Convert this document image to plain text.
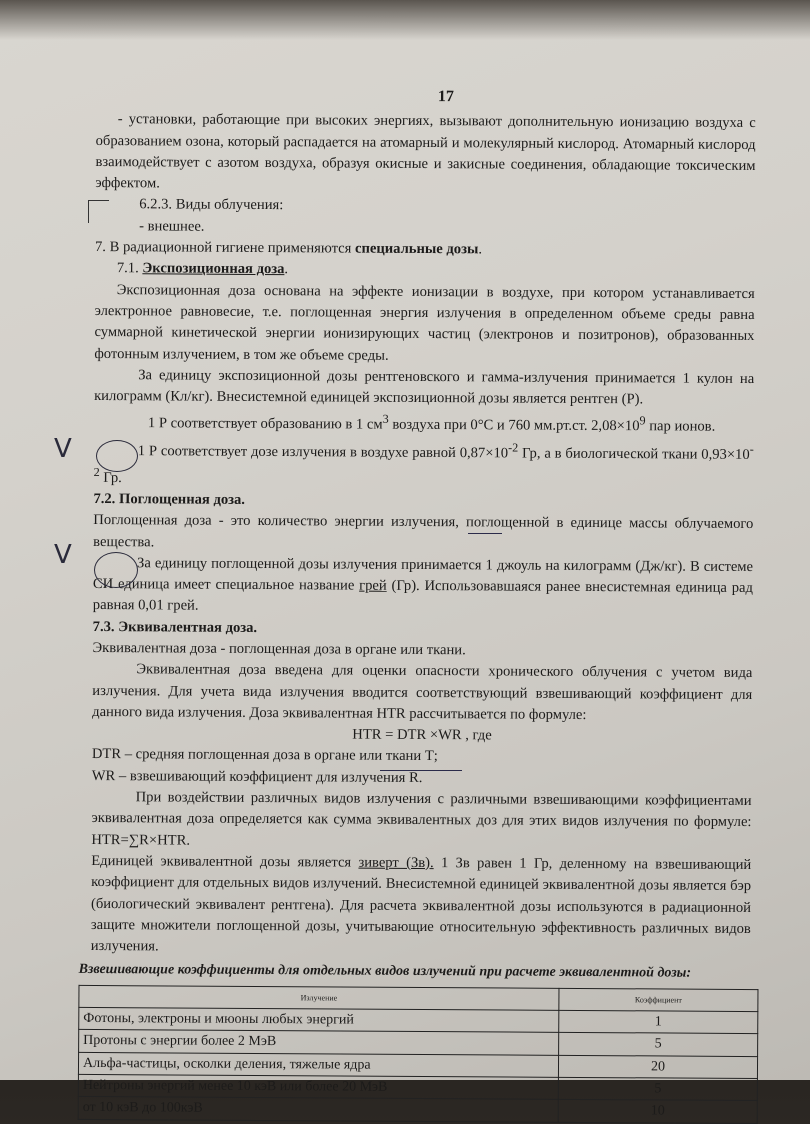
17

- установки, работающие при высоких энергиях, вызывают дополнительную ионизацию воздуха с образованием озона, который распадается на атомарный и молекулярный кислород. Атомарный кислород взаимодействует с азотом воздуха, образуя окисные и закисные соединения, обладающие токсическим эффектом.

6.2.3. Виды облучения:

- внешнее.

7. В радиационной гигиене применяются специальные дозы.

7.1. Экспозиционная доза.

Экспозиционная доза основана на эффекте ионизации в воздухе, при котором устанавливается электронное равновесие, т.е. поглощенная энергия излучения в определенном объеме среды равна суммарной кинетической энергии ионизирующих частиц (электронов и позитронов), образованных фотонным излучением, в том же объеме среды.

За единицу экспозиционной дозы рентгеновского и гамма-излучения принимается 1 кулон на килограмм (Кл/кг). Внесистемной единицей экспозиционной дозы является рентген (Р).

1 Р соответствует образованию в 1 $см^3$ воздуха при 0°С и 760 мм.рт.ст. $2,08\times 10^9$ пар ионов.

1 Р соответствует дозе излучения в воздухе равной $0,87\times 10^{-2}$ Гр, а в биологической ткани $0,93\times 10^{-2}$ Гр.

7.2. Поглощенная доза.

Поглощенная доза - это количество энергии излучения, поглощенной в единице массы облучаемого вещества.

За единицу поглощенной дозы излучения принимается 1 джоуль на килограмм (Дж/кг). В системе СИ единица имеет специальное название грей (Гр). Использовавшаяся ранее внесистемная единица рад равная 0,01 грей.

7.3. Эквивалентная доза.

Эквивалентная доза - поглощенная доза в органе или ткани.

Эквивалентная доза введена для оценки опасности хронического облучения с учетом вида излучения. Для учета вида излучения вводится соответствующий взвешивающий коэффициент для данного вида излучения. Доза эквивалентная HTR рассчитывается по формуле:

HTR = DTR ×WR , где

DTR – средняя поглощенная доза в органе или ткани Т;

WR – взвешивающий коэффициент для излучения R.

При воздействии различных видов излучения с различными взвешивающими коэффициентами эквивалентная доза определяется как сумма эквивалентных доз для этих видов излучения по формуле: HTR=∑R×HTR.

Единицей эквивалентной дозы является зиверт (Зв). 1 Зв равен 1 Гр, деленному на взвешивающий коэффициент для отдельных видов излучений. Внесистемной единицей эквивалентной дозы является бэр (биологический эквивалент рентгена). Для расчета эквивалентной дозы используются в радиационной защите множители поглощенной дозы, учитывающие относительную эффективность различных видов излучения.

Взвешивающие коэффициенты для отдельных видов излучений при расчете эквивалентной дозы:
Излучение	Коэффициент
Фотоны, электроны и мюоны любых энергий	1
Протоны с энергии более 2 МэВ	5
Альфа-частицы, осколки деления, тяжелые ядра	20
Нейтроны энергий менее 10 кэВ или более 20 МэВ	5
от 10 кэВ до 100кэВ	10
V
V
